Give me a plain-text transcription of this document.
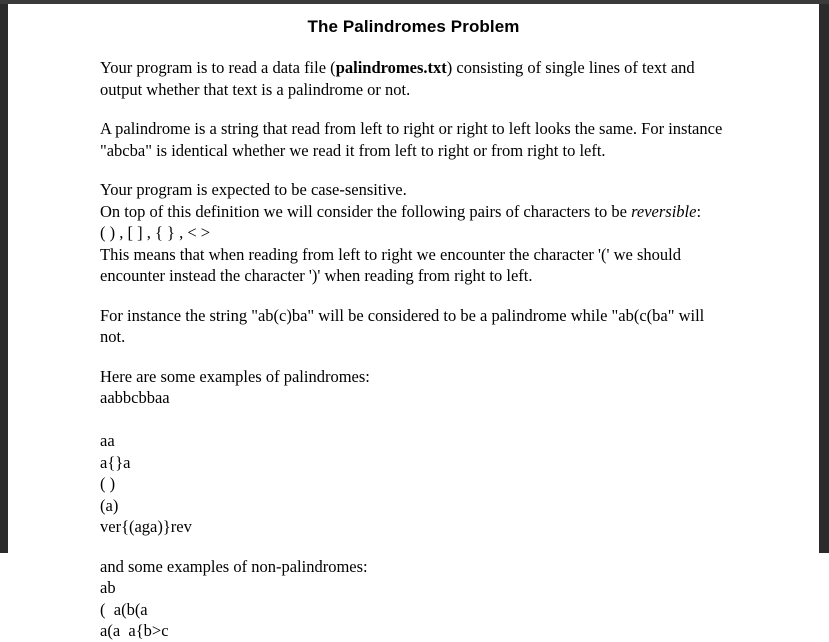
The Palindromes Problem

Your program is to read a data file (palindromes.txt) consisting of single lines of text and output whether that text is a palindrome or not.

A palindrome is a string that read from left to right or right to left looks the same. For instance "abcba" is identical whether we read it from left to right or from right to left.

Your program is expected to be case-sensitive.
On top of this definition we will consider the following pairs of characters to be reversible:
( ) , [ ] , { } , < >
This means that when reading from left to right we encounter the character '(' we should encounter instead the character ')' when reading from right to left.

For instance the string "ab(c)ba" will be considered to be a palindrome while "ab(c(ba" will not.

Here are some examples of palindromes:
aabbcbbaa
aa
a{}a
( )
(a)
ver{(aga)}rev
and some examples of non-palindromes:
ab
(  a(b(a
a(a  a{b>c
